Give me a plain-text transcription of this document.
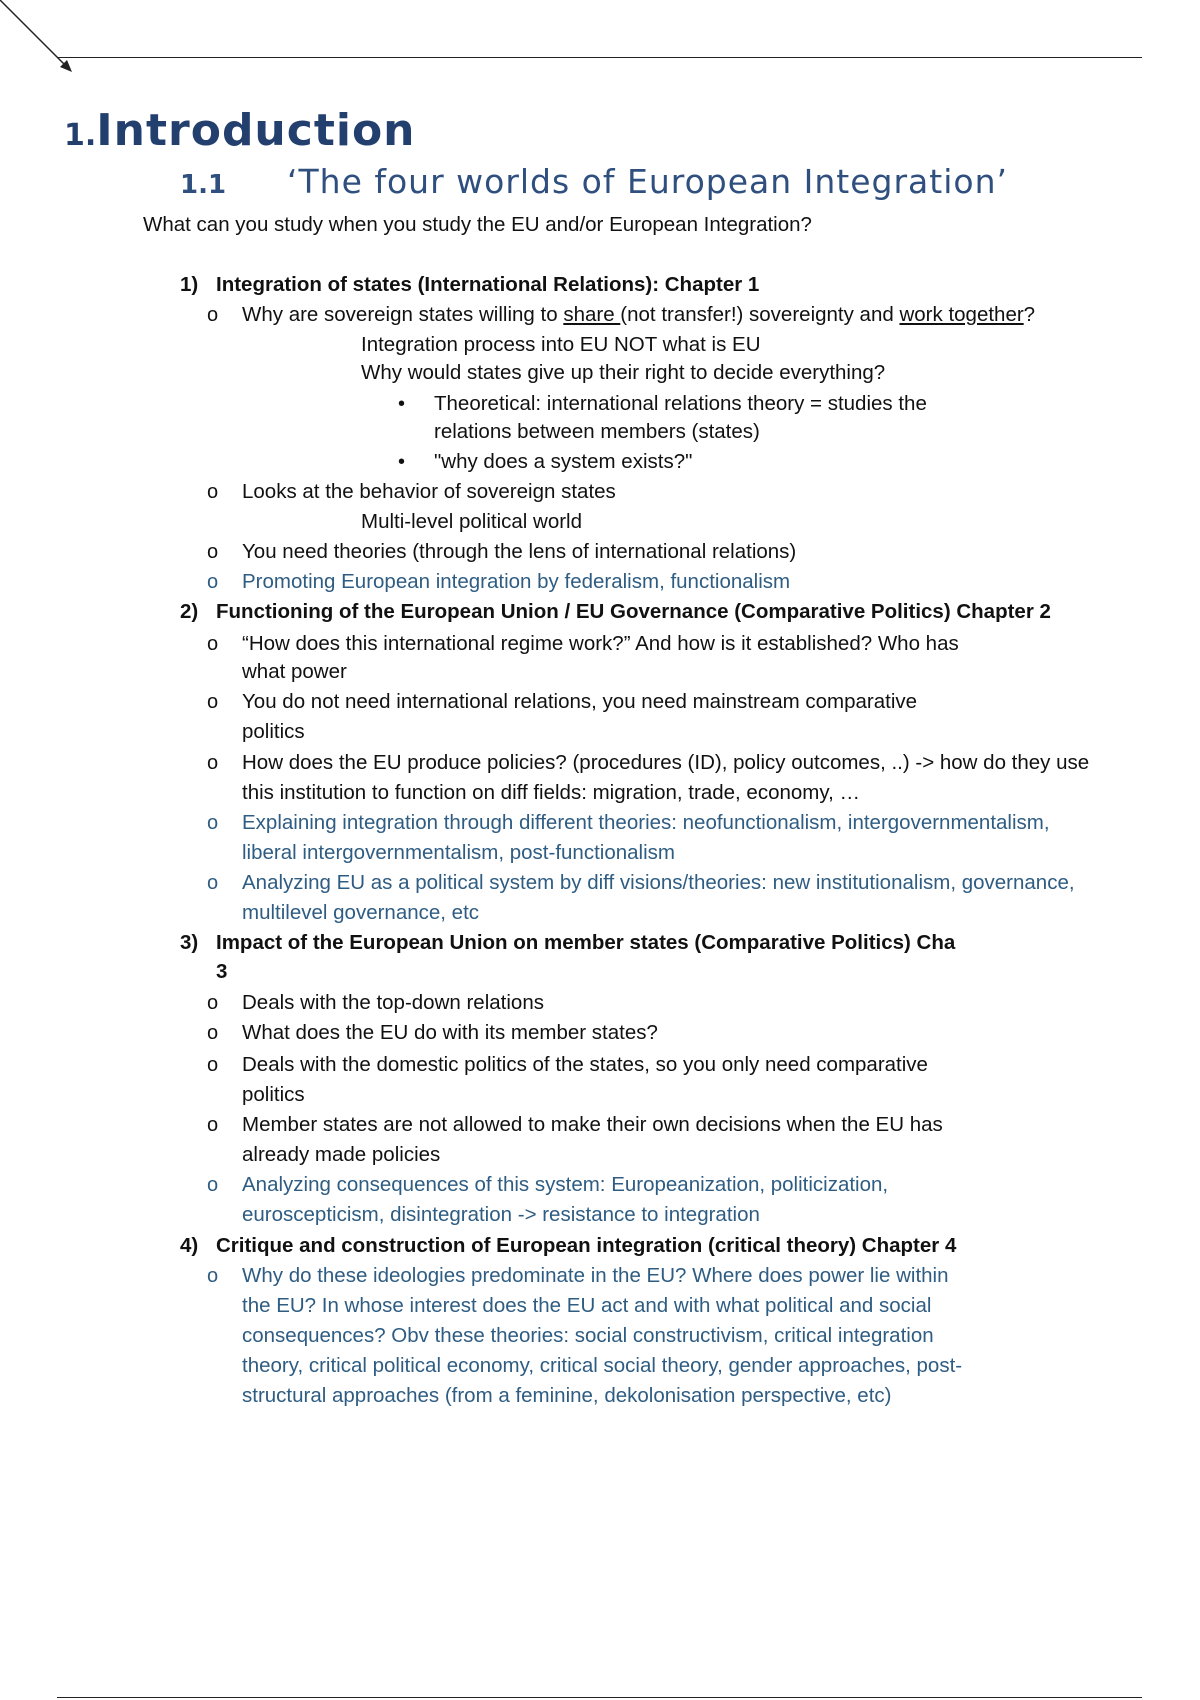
1.Introduction
1.1 ‘The four worlds of European Integration’
What can you study when you study the EU and/or European Integration?
1) Integration of states (International Relations): Chapter 1
o Why are sovereign states willing to share (not transfer!) sovereignty and work together?
Integration process into EU NOT what is EU
Why would states give up their right to decide everything?
• Theoretical: international relations theory = studies the
relations between members (states)
• "why does a system exists?"
o Looks at the behavior of sovereign states
Multi-level political world
o You need theories (through the lens of international relations)
o Promoting European integration by federalism, functionalism
2) Functioning of the European Union / EU Governance (Comparative Politics) Chapter 2
o “How does this international regime work?” And how is it established? Who has
what power
o You do not need international relations, you need mainstream comparative
politics
o How does the EU produce policies? (procedures (ID), policy outcomes, ..) -> how do they use
this institution to function on diff fields: migration, trade, economy, …
o Explaining integration through different theories: neofunctionalism, intergovernmentalism,
liberal intergovernmentalism, post-functionalism
o Analyzing EU as a political system by diff visions/theories: new institutionalism, governance,
multilevel governance, etc
3) Impact of the European Union on member states (Comparative Politics) Cha
3
o Deals with the top-down relations
o What does the EU do with its member states?
o Deals with the domestic politics of the states, so you only need comparative
politics
o Member states are not allowed to make their own decisions when the EU has
already made policies
o Analyzing consequences of this system: Europeanization, politicization,
euroscepticism, disintegration -> resistance to integration
4) Critique and construction of European integration (critical theory) Chapter 4
o Why do these ideologies predominate in the EU? Where does power lie within
the EU? In whose interest does the EU act and with what political and social
consequences? Obv these theories: social constructivism, critical integration
theory, critical political economy, critical social theory, gender approaches, post-
structural approaches (from a feminine, dekolonisation perspective, etc)
